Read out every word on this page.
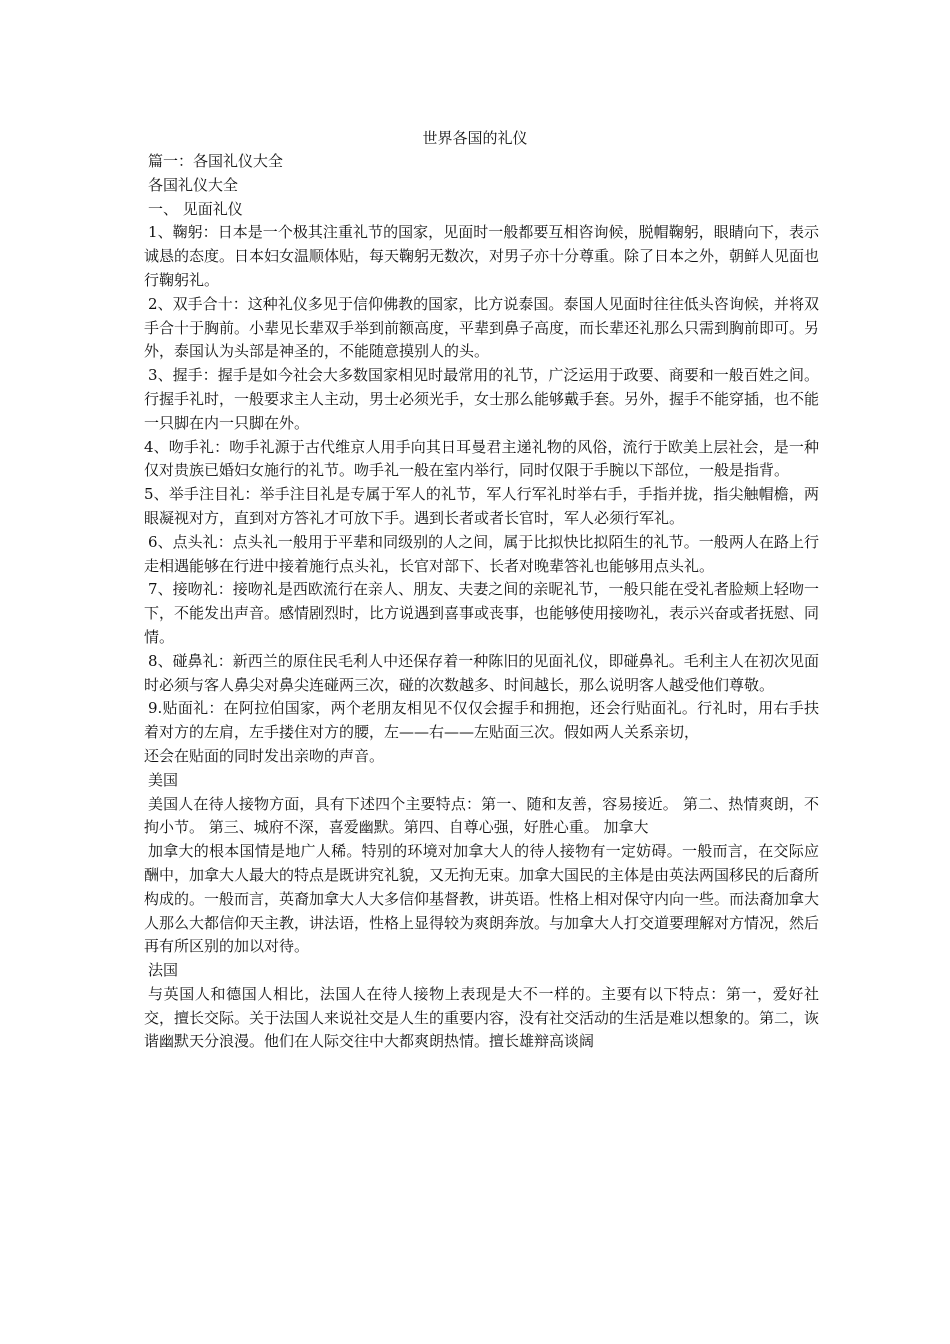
世界各国的礼仪

篇一：各国礼仪大全

各国礼仪大全

一、 见面礼仪

1、鞠躬：日本是一个极其注重礼节的国家，见面时一般都要互相咨询候，脱帽鞠躬，眼睛向下，表示诚恳的态度。日本妇女温顺体贴，每天鞠躬无数次，对男子亦十分尊重。除了日本之外，朝鲜人见面也行鞠躬礼。

2、双手合十：这种礼仪多见于信仰佛教的国家，比方说泰国。泰国人见面时往往低头咨询候，并将双手合十于胸前。小辈见长辈双手举到前额高度，平辈到鼻子高度，而长辈还礼那么只需到胸前即可。另外，泰国认为头部是神圣的，不能随意摸别人的头。

3、握手：握手是如今社会大多数国家相见时最常用的礼节，广泛运用于政要、商要和一般百姓之间。行握手礼时，一般要求主人主动，男士必须光手，女士那么能够戴手套。另外，握手不能穿插，也不能一只脚在内一只脚在外。

4、吻手礼：吻手礼源于古代维京人用手向其日耳曼君主递礼物的风俗，流行于欧美上层社会，是一种仅对贵族已婚妇女施行的礼节。吻手礼一般在室内举行，同时仅限于手腕以下部位，一般是指背。

5、举手注目礼：举手注目礼是专属于军人的礼节，军人行军礼时举右手，手指并拢，指尖触帽檐，两眼凝视对方，直到对方答礼才可放下手。遇到长者或者长官时，军人必须行军礼。

6、点头礼：点头礼一般用于平辈和同级别的人之间，属于比拟快比拟陌生的礼节。一般两人在路上行走相遇能够在行进中接着施行点头礼，长官对部下、长者对晚辈答礼也能够用点头礼。

7、接吻礼：接吻礼是西欧流行在亲人、朋友、夫妻之间的亲昵礼节，一般只能在受礼者脸颊上轻吻一下，不能发出声音。感情剧烈时，比方说遇到喜事或丧事，也能够使用接吻礼，表示兴奋或者抚慰、同情。

8、碰鼻礼：新西兰的原住民毛利人中还保存着一种陈旧的见面礼仪，即碰鼻礼。毛利主人在初次见面时必须与客人鼻尖对鼻尖连碰两三次，碰的次数越多、时间越长，那么说明客人越受他们尊敬。

9.贴面礼：在阿拉伯国家，两个老朋友相见不仅仅会握手和拥抱，还会行贴面礼。行礼时，用右手扶着对方的左肩，左手搂住对方的腰，左——右——左贴面三次。假如两人关系亲切，

还会在贴面的同时发出亲吻的声音。

美国

美国人在待人接物方面，具有下述四个主要特点：第一、随和友善，容易接近。 第二、热情爽朗，不拘小节。 第三、城府不深，喜爱幽默。第四、自尊心强，好胜心重。 加拿大

加拿大的根本国情是地广人稀。特别的环境对加拿大人的待人接物有一定妨碍。一般而言，在交际应酬中，加拿大人最大的特点是既讲究礼貌，又无拘无束。加拿大国民的主体是由英法两国移民的后裔所构成的。一般而言，英裔加拿大人大多信仰基督教，讲英语。性格上相对保守内向一些。而法裔加拿大人那么大都信仰天主教，讲法语，性格上显得较为爽朗奔放。与加拿大人打交道要理解对方情况，然后再有所区别的加以对待。

法国

与英国人和德国人相比，法国人在待人接物上表现是大不一样的。主要有以下特点：第一，爱好社交，擅长交际。关于法国人来说社交是人生的重要内容，没有社交活动的生活是难以想象的。第二，诙谐幽默天分浪漫。他们在人际交往中大都爽朗热情。擅长雄辩高谈阔
